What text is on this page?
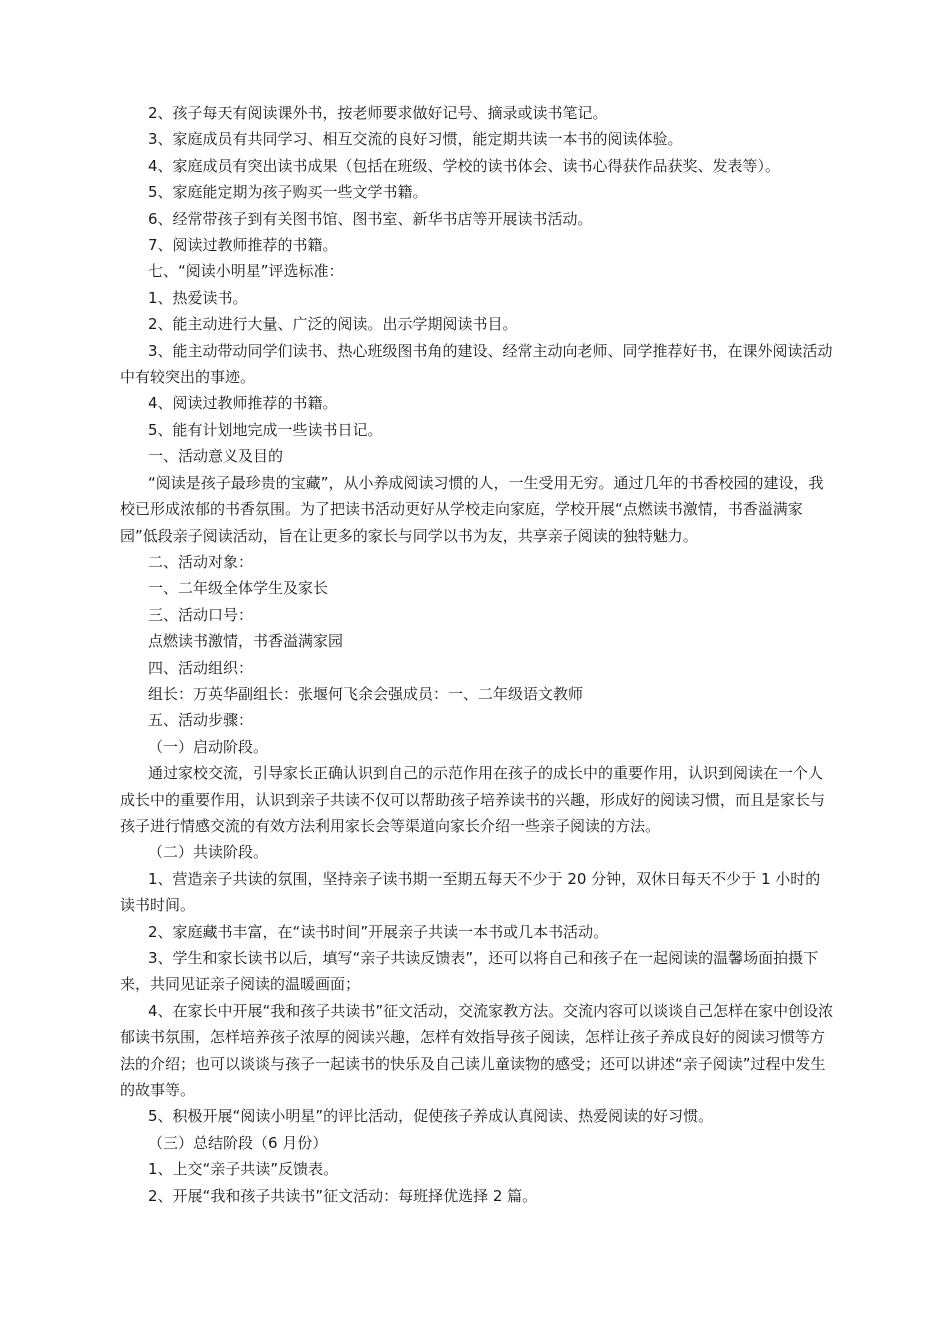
2、孩子每天有阅读课外书，按老师要求做好记号、摘录或读书笔记。

3、家庭成员有共同学习、相互交流的良好习惯，能定期共读一本书的阅读体验。

4、家庭成员有突出读书成果（包括在班级、学校的读书体会、读书心得获作品获奖、发表等）。

5、家庭能定期为孩子购买一些文学书籍。

6、经常带孩子到有关图书馆、图书室、新华书店等开展读书活动。

7、阅读过教师推荐的书籍。

七、“阅读小明星”评选标准：

1、热爱读书。

2、能主动进行大量、广泛的阅读。出示学期阅读书目。

3、能主动带动同学们读书、热心班级图书角的建设、经常主动向老师、同学推荐好书，在课外阅读活动中有较突出的事迹。

4、阅读过教师推荐的书籍。

5、能有计划地完成一些读书日记。

一、活动意义及目的

“阅读是孩子最珍贵的宝藏”，从小养成阅读习惯的人，一生受用无穷。通过几年的书香校园的建设，我校已形成浓郁的书香氛围。为了把读书活动更好从学校走向家庭，学校开展“点燃读书激情，书香溢满家园”低段亲子阅读活动，旨在让更多的家长与同学以书为友，共享亲子阅读的独特魅力。

二、活动对象：

一、二年级全体学生及家长

三、活动口号：

点燃读书激情，书香溢满家园

四、活动组织：

组长：万英华副组长：张堰何飞余会强成员：一、二年级语文教师

五、活动步骤：

（一）启动阶段。

通过家校交流，引导家长正确认识到自己的示范作用在孩子的成长中的重要作用，认识到阅读在一个人成长中的重要作用，认识到亲子共读不仅可以帮助孩子培养读书的兴趣，形成好的阅读习惯，而且是家长与孩子进行情感交流的有效方法利用家长会等渠道向家长介绍一些亲子阅读的方法。

（二）共读阶段。

1、营造亲子共读的氛围，坚持亲子读书期一至期五每天不少于 20 分钟，双休日每天不少于 1 小时的读书时间。

2、家庭藏书丰富，在“读书时间”开展亲子共读一本书或几本书活动。

3、学生和家长读书以后，填写“亲子共读反馈表”，还可以将自己和孩子在一起阅读的温馨场面拍摄下来，共同见证亲子阅读的温暖画面；

4、在家长中开展“我和孩子共读书”征文活动，交流家教方法。交流内容可以谈谈自己怎样在家中创设浓郁读书氛围，怎样培养孩子浓厚的阅读兴趣，怎样有效指导孩子阅读，怎样让孩子养成良好的阅读习惯等方法的介绍；也可以谈谈与孩子一起读书的快乐及自己读儿童读物的感受；还可以讲述“亲子阅读”过程中发生的故事等。

5、积极开展“阅读小明星”的评比活动，促使孩子养成认真阅读、热爱阅读的好习惯。

（三）总结阶段（6 月份）

1、上交“亲子共读”反馈表。

2、开展“我和孩子共读书”征文活动：每班择优选择 2 篇。
